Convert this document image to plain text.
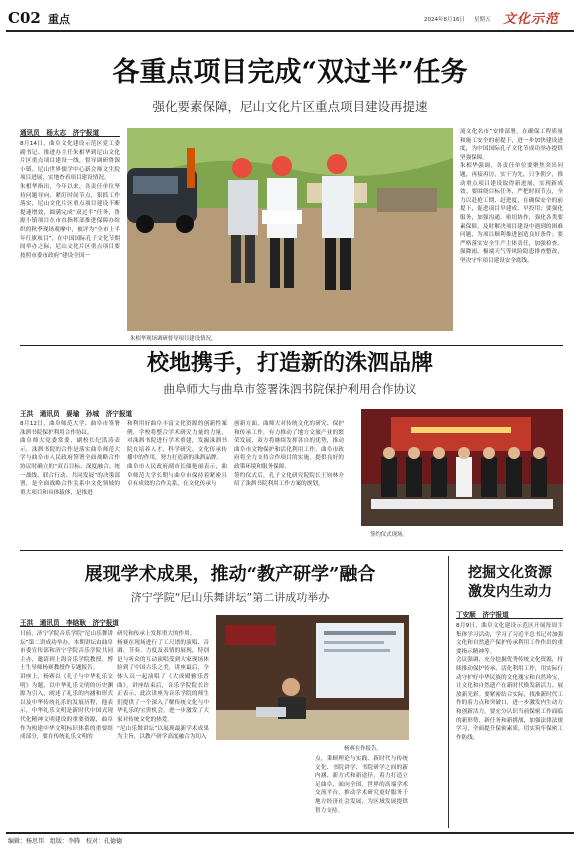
C02 重点	2024年8月16日 星期五 文化示范
各重点项目完成“双过半”任务
强化要素保障，尼山文化片区重点项目建设再提速
通讯员　杨太志　济宁报道
8月14日，曲阜文化建设示范区党工委副书记、推进办主任朱相华到尼山文化片区重点项目建设一线，督导调研鲁源小镇、尼山世界儒学中心新会师文生院项目进展，实地查看项目建设情况。
朱相华指出，今年以来，各责任单位坚持问题导向、紧盯时间节点，狠抓工作落实，尼山文化片区重点项目建设不断提速增效，圆满完成“双过半”任务，鲁源小镇项目在市直指挥部推进保障办组织的秋季现场观摩中，被评为“全市上半年红旗项目”，在中国国际孔子文化节期间举办之际，尼山文化片区重点项目要按照市委市政府“建设全国一
流文化名市”安排部署，在确保工程质量和施工安全的前提下，进一步加快建设进度，为中国国际孔子文化节成功举办提供坚强保障。
朱相华强调，各责任单位要聚焦突出问题，再接再厉，实干为先，只争朝夕，推动重点项目建设取得新进展，实现新成效；要围绕目标任务，严把时间节点，全力以赴抢工期、赶进度，在确保安全的前提下，促进项目早建成、早投用；要强化服务，加强沟通，密切协作，强化各类要素保障，及时解决项目建设中遇到的困难问题，为项目顺利推进创造良好条件；要严格落实安全生产主体责任，加强检查、强降雨、极端天气等风险隐患排查整改，坚决守牢项目建设安全底线。
朱相华现场调研督导项目建设情况。
校地携手，打造新的洙泗品牌
曲阜师大与曲阜市签署洙泗书院保护利用合作协议
王洪　通讯员　晏瑜　孙城　济宁报道
8月12日，曲阜师范大学、曲阜市签署洙泗书院保护利用合作协议。
曲阜师大党委常委、副校长纪洪涛表示，洙泗书院的合作是落实曲阜师范大学与曲阜市人民政府签署全面战略合作协议时确立的“双百目标、深度融合、统一战线、联合行动、共同发展”的决策部署，是全面战略合作关系中文化领域的重大项目和具体载体，是推进
和利用好曲阜丰富文化资源的创新性案例，学校将整合学术研究力量的力量，对洙泗书院进行学术重建，发掘洙泗书院在培养人才、科学研究、文化传承传播中的作用，努力打造新的洙泗品牌。
曲阜市人民政府副市长储艳丽表示，曲阜师范大学长期与曲阜市保持着紧密且卓有成效的合作关系，在文化传承与
创新方面，曲师大对传统文化的研究、保护和传承工作，有力推动了地方文旅产业的繁荣发展，双方将继续发挥各自的优势，推动曲阜市文物保护和活化利用工作，曲阜市政府将全力支持合作项目的实施，提供良好的政策环境和服务保障。
签约仪式后，孔子文化研究院院长王钧林介绍了洙泗书院利用工作方案的规划。
签约仪式现场。
展现学术成果，推动“教产研学”融合
济宁学院“尼山乐舞讲坛”第二讲成功举办
王洪　通讯员　李晗耿　济宁报道
日前，济宁学院音乐学院“尼山乐舞讲坛”第二讲成功举办。本期讲坛由曲阜市委宣传部和济宁学院音乐学院共同主办，邀请到上海音乐学院教授、博士生导师杨赛教授作专题报告。
讲座上，杨赛以《孔子与中华礼乐文明》为题，以中华礼乐文明的历史渊源为引入，阐述了礼乐的内涵和形式以及中华传统礼乐的发展历程，他表示，中华礼乐文明是新时代中国式现代化精神文明建设的重要资源，曲阜作为构建中华文明标识体系的重要组成部分，要在传统礼乐文明的
研究和传承上发挥重大的作用。
杨赛在现场进行了工尺谱的演唱、音调、节奏、力度及表情的展现，特别是与听众的互动演唱受到大家现场体验到了中国古乐之美，讲座最后，全体人员一起演唱了《大成殿雅乐普曲》，讲座结束后，音乐学院院长许正表示，此次讲座为音乐学院的师生们提供了一个深入了解传统文化与中华礼乐的宝贵机会，进一步激发了大家对传统文化的热爱。
“尼山乐舞讲坛”以展现最新学术成果为主旨，以教产研学高度融合为切入
点，秉顾理论与实践、新时代与传统文化、书院讲学、书院研学之间的新内涵、新方式和新途径，着力打造立足曲阜、面向全国、世界的高端学术交流平台，推动学术研究更好服务于地方经济社会发展，为区域发展提供智力支持。
杨赛在作报告。
挖掘文化资源
激发内生动力
丁安顺　济宁报道
8月9日，曲阜文化建设示范区开展每周主集体学习活动，学习了习近平总书记对加强文化和自然遗产保护传承利用工作作出的重要指示精神等。
会议强调，充分挖掘优秀传统文化资源，持续推动保护传承、活化利用工作，用实际行动守护好中华民族的文化瑰宝和自然珍宝，让文化和自然遗产在新时代焕发新活力、展放新光彩。要紧密结合实际，找准新时代工作的着力点和突破口，进一步激发内生动力和创新活力，要充分认识当前保密工作面临的新形势、新任务和新挑战，加强法律法规学习，全面提升保密素质，切实筑牢保密工作防线。
编辑：杨思邦　组版：李腾　校对：孔德德
